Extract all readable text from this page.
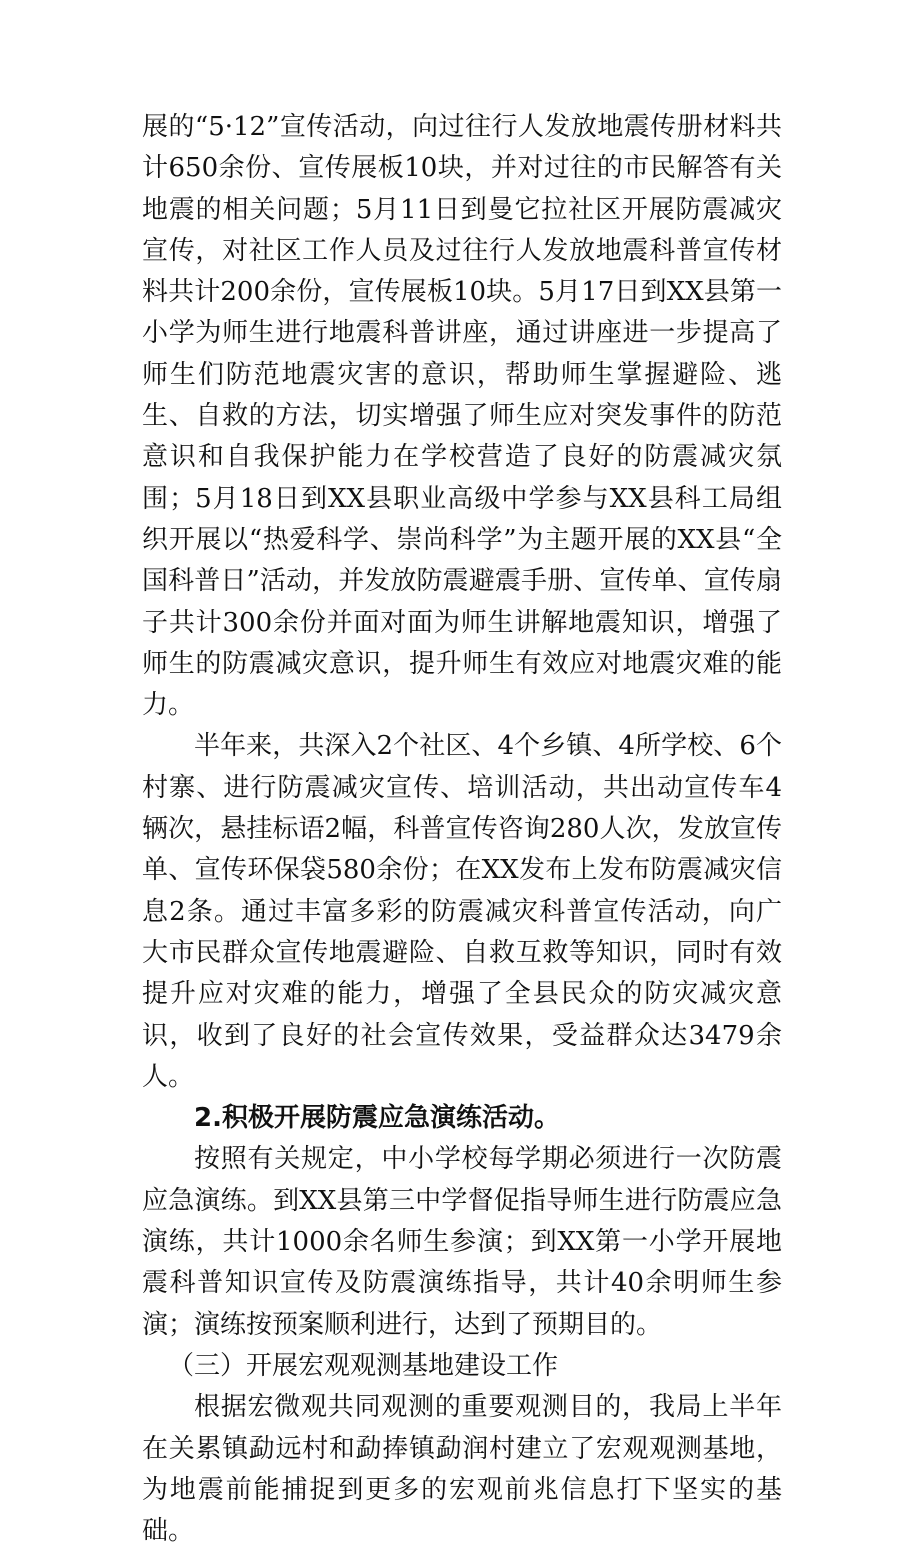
展的“5·12”宣传活动，向过往行人发放地震传册材料共计650余份、宣传展板10块，并对过往的市民解答有关地震的相关问题；5月11日到曼它拉社区开展防震减灾宣传，对社区工作人员及过往行人发放地震科普宣传材料共计200余份，宣传展板10块。5月17日到XX县第一小学为师生进行地震科普讲座，通过讲座进一步提高了师生们防范地震灾害的意识，帮助师生掌握避险、逃生、自救的方法，切实增强了师生应对突发事件的防范意识和自我保护能力在学校营造了良好的防震减灾氛围；5月18日到XX县职业高级中学参与XX县科工局组织开展以“热爱科学、崇尚科学”为主题开展的XX县“全国科普日”活动，并发放防震避震手册、宣传单、宣传扇子共计300余份并面对面为师生讲解地震知识，增强了师生的防震减灾意识，提升师生有效应对地震灾难的能力。

半年来，共深入2个社区、4个乡镇、4所学校、6个村寨、进行防震减灾宣传、培训活动，共出动宣传车4辆次，悬挂标语2幅，科普宣传咨询280人次，发放宣传单、宣传环保袋580余份；在XX发布上发布防震减灾信息2条。通过丰富多彩的防震减灾科普宣传活动，向广大市民群众宣传地震避险、自救互救等知识，同时有效提升应对灾难的能力，增强了全县民众的防灾减灾意识，收到了良好的社会宣传效果，受益群众达3479余人。

2.积极开展防震应急演练活动。

按照有关规定，中小学校每学期必须进行一次防震应急演练。到XX县第三中学督促指导师生进行防震应急演练，共计1000余名师生参演；到XX第一小学开展地震科普知识宣传及防震演练指导，共计40余明师生参演；演练按预案顺利进行，达到了预期目的。

（三）开展宏观观测基地建设工作

根据宏微观共同观测的重要观测目的，我局上半年在关累镇勐远村和勐捧镇勐润村建立了宏观观测基地，为地震前能捕捉到更多的宏观前兆信息打下坚实的基础。
